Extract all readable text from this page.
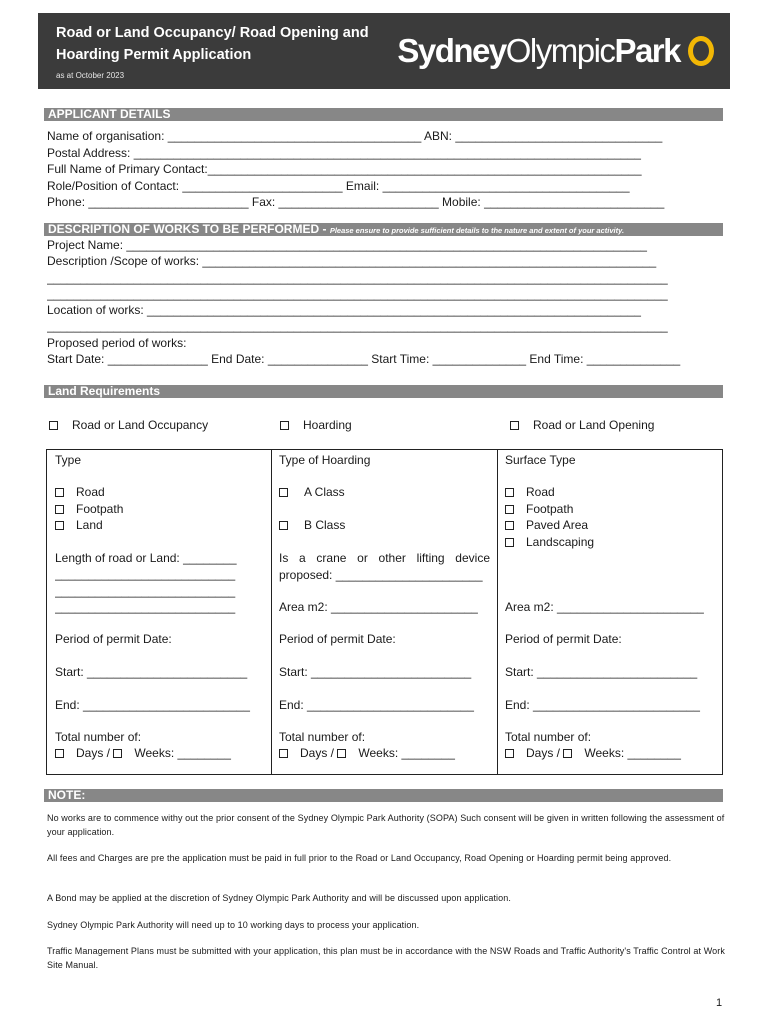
Road or Land Occupancy/ Road Opening and Hoarding Permit Application
as at October 2023
Sydney Olympic Park
APPLICANT DETAILS
Name of organisation: ______________________________________ ABN: _______________________________
Postal Address: ____________________________________________________________________________
Full Name of Primary Contact:_________________________________________________________________
Role/Position of Contact: ________________________ Email: _____________________________________
Phone: ________________________ Fax: ________________________ Mobile: ___________________________
DESCRIPTION OF WORKS TO BE PERFORMED - Please ensure to provide sufficient details to the nature and extent of your activity.
Project Name: ______________________________________________________________________________
Description /Scope of works: ____________________________________________________________________
_____________________________________________________________________________________________
_____________________________________________________________________________________________
Location of works: __________________________________________________________________________
_____________________________________________________________________________________________
Proposed period of works:
Start Date: _______________ End Date: _______________ Start Time: ______________ End Time: ______________
Land Requirements
Road or Land Occupancy	Hoarding	Road or Land Opening
Type
Road
Footpath
Land
Length of road or Land: ________
___________________________
___________________________
___________________________
Period of permit Date:
Start: ________________________
End: _________________________
Total number of:
Days / Weeks: ________
Type of Hoarding
A Class
B Class
Is a crane or other lifting device proposed: ______________________
Area m2: ______________________
Period of permit Date:
Start: ________________________
End: _________________________
Total number of:
Days / Weeks: ________
Surface Type
Road
Footpath
Paved Area
Landscaping
Area m2: ______________________
Period of permit Date:
Start: ________________________
End: _________________________
Total number of:
Days / Weeks: ________
NOTE:
No works are to commence withy out the prior consent of the Sydney Olympic Park Authority (SOPA) Such consent will be given in written following the assessment of your application.
All fees and Charges are pre the application must be paid in full prior to the Road or Land Occupancy, Road Opening or Hoarding permit being approved.
A Bond may be applied at the discretion of Sydney Olympic Park Authority and will be discussed upon application.
Sydney Olympic Park Authority will need up to 10 working days to process your application.
Traffic Management Plans must be submitted with your application, this plan must be in accordance with the NSW Roads and Traffic Authority's Traffic Control at Work Site Manual.
1
